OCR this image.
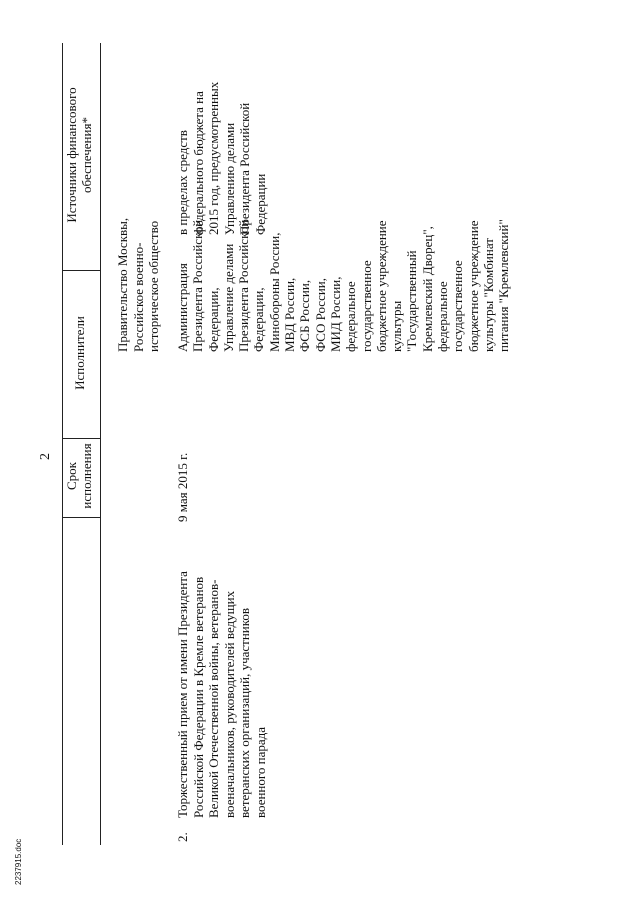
Правительство Москвы,
Российское военно-
историческое общество
2.
Торжественный прием от имени Президента
Российской Федерации в Кремле ветеранов
Великой Отечественной войны, ветеранов-
военачальников, руководителей ведущих
ветеранских организаций, участников
военного парада
9 мая 2015 г.
Администрация
Президента Российской
Федерации,
Управление делами
Президента Российской
Федерации,
Минобороны России,
МВД России,
ФСБ России,
ФСО России,
МИД России,
федеральное
государственное
бюджетное учреждение
культуры
"Государственный
Кремлевский Дворец",
федеральное
государственное
бюджетное учреждение
культуры "Комбинат
питания "Кремлевский"
в пределах средств
федерального бюджета на
2015 год, предусмотренных
Управлению делами
Президента Российской
Федерации
2237915.doc
2
Срок
исполнения
Исполнители
Источники финансового
обеспечения*
